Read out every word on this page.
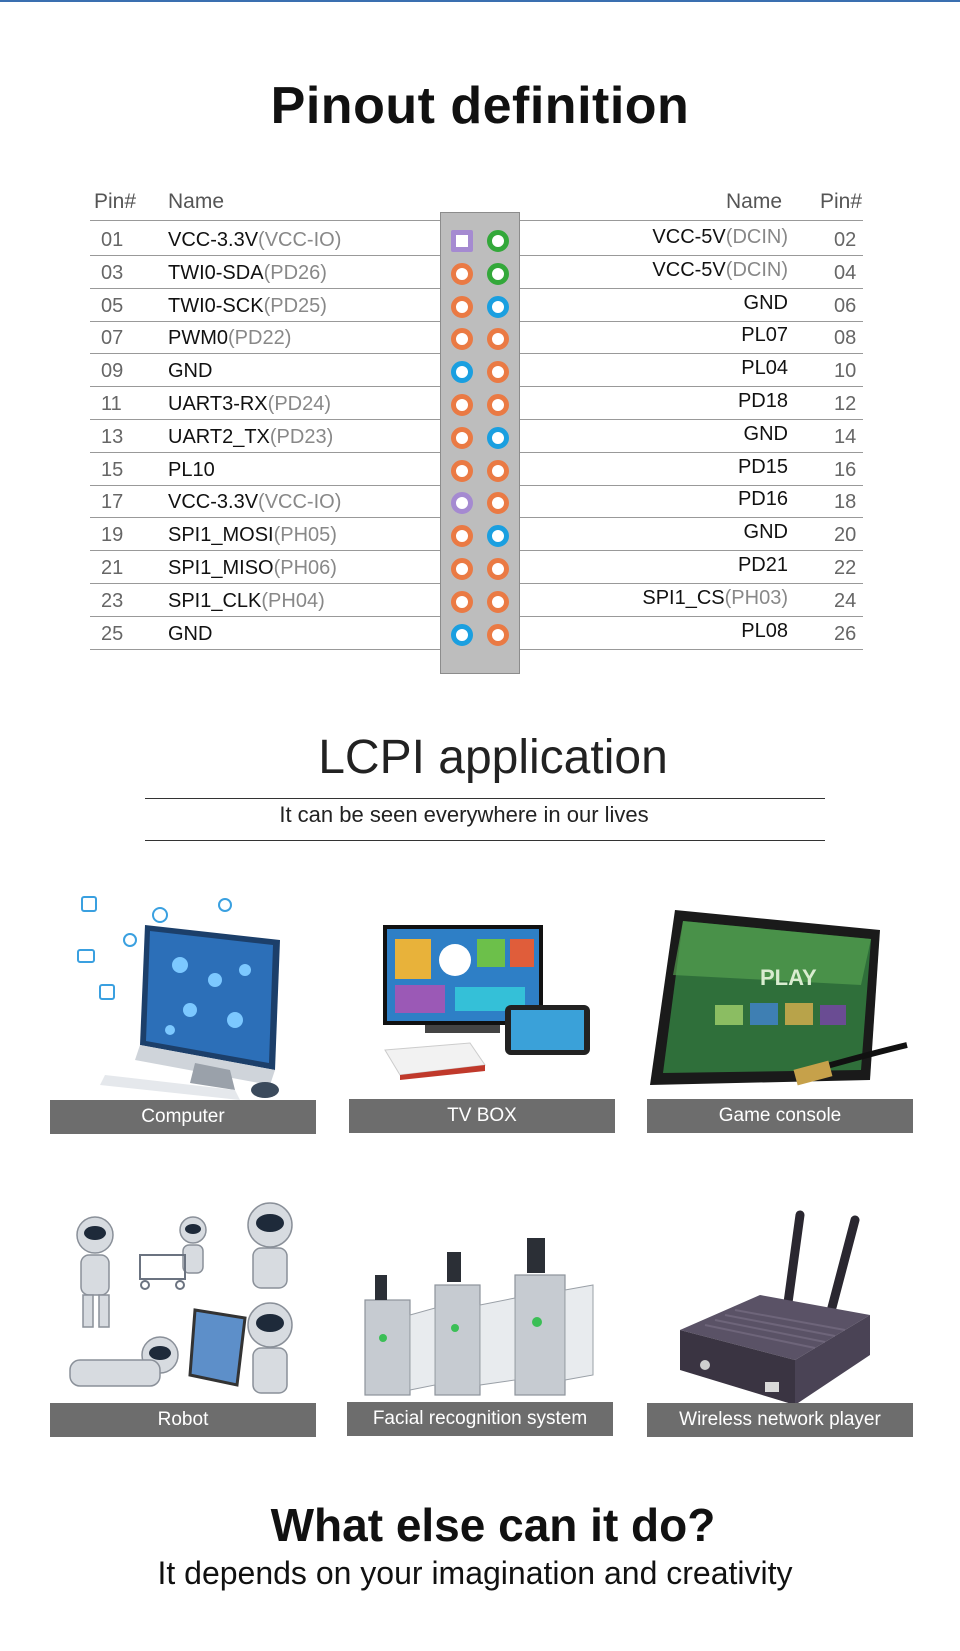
Pinout definition
Pin# Name	Name Pin#
01	VCC-3.3V(VCC-IO)	VCC-5V(DCIN) 02
03	TWI0-SDA(PD26)	VCC-5V(DCIN) 04
05	TWI0-SCK(PD25)	GND 06
07	PWM0(PD22)	PL07 08
09	GND	PL04 10
11	UART3-RX(PD24)	PD18 12
13	UART2_TX(PD23)	GND 14
15	PL10	PD15 16
17	VCC-3.3V(VCC-IO)	PD16 18
19	SPI1_MOSI(PH05)	GND 20
21	SPI1_MISO(PH06)	PD21 22
23	SPI1_CLK(PH04)	SPI1_CS(PH03) 24
25	GND	PL08 26
LCPI application
It can be seen everywhere in our lives
Computer	TV BOX
PLAY
Game console
Robot	Facial recognition system	Wireless network player
What else can it do?
It depends on your imagination and creativity
